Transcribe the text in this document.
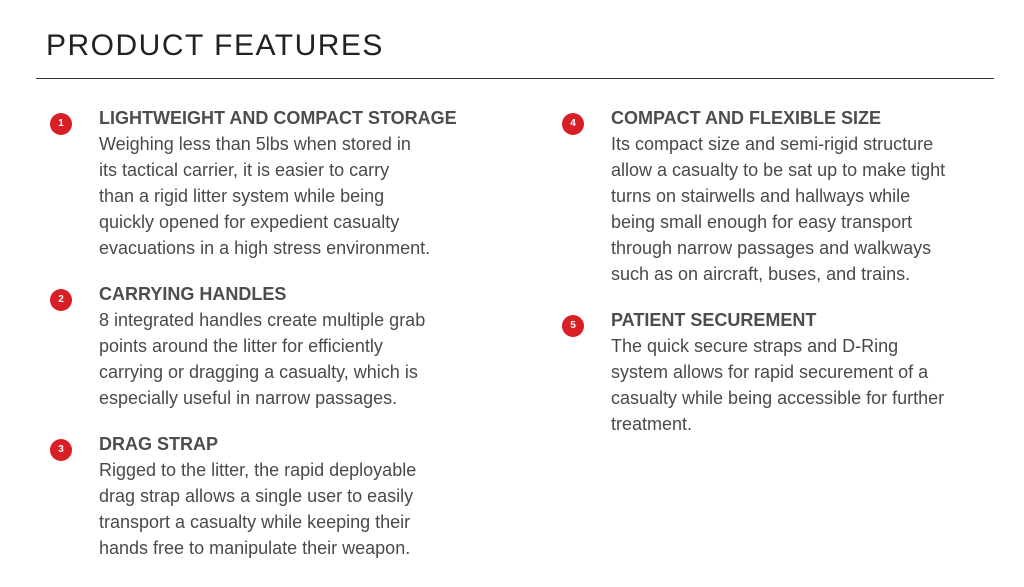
PRODUCT FEATURES
1	LIGHTWEIGHT AND COMPACT STORAGE

Weighing less than 5lbs when stored in
its tactical carrier, it is easier to carry
than a rigid litter system while being
quickly opened for expedient casualty
evacuations in a high stress environment.

2	CARRYING HANDLES

8 integrated handles create multiple grab
points around the litter for efficiently
carrying or dragging a casualty, which is
especially useful in narrow passages.

3	DRAG STRAP

Rigged to the litter, the rapid deployable
drag strap allows a single user to easily
transport a casualty while keeping their
hands free to manipulate their weapon.

4	COMPACT AND FLEXIBLE SIZE

Its compact size and semi-rigid structure
allow a casualty to be sat up to make tight
turns on stairwells and hallways while
being small enough for easy transport
through narrow passages and walkways
such as on aircraft, buses, and trains.

5	PATIENT SECUREMENT

The quick secure straps and D-Ring
system allows for rapid securement of a
casualty while being accessible for further
treatment.
